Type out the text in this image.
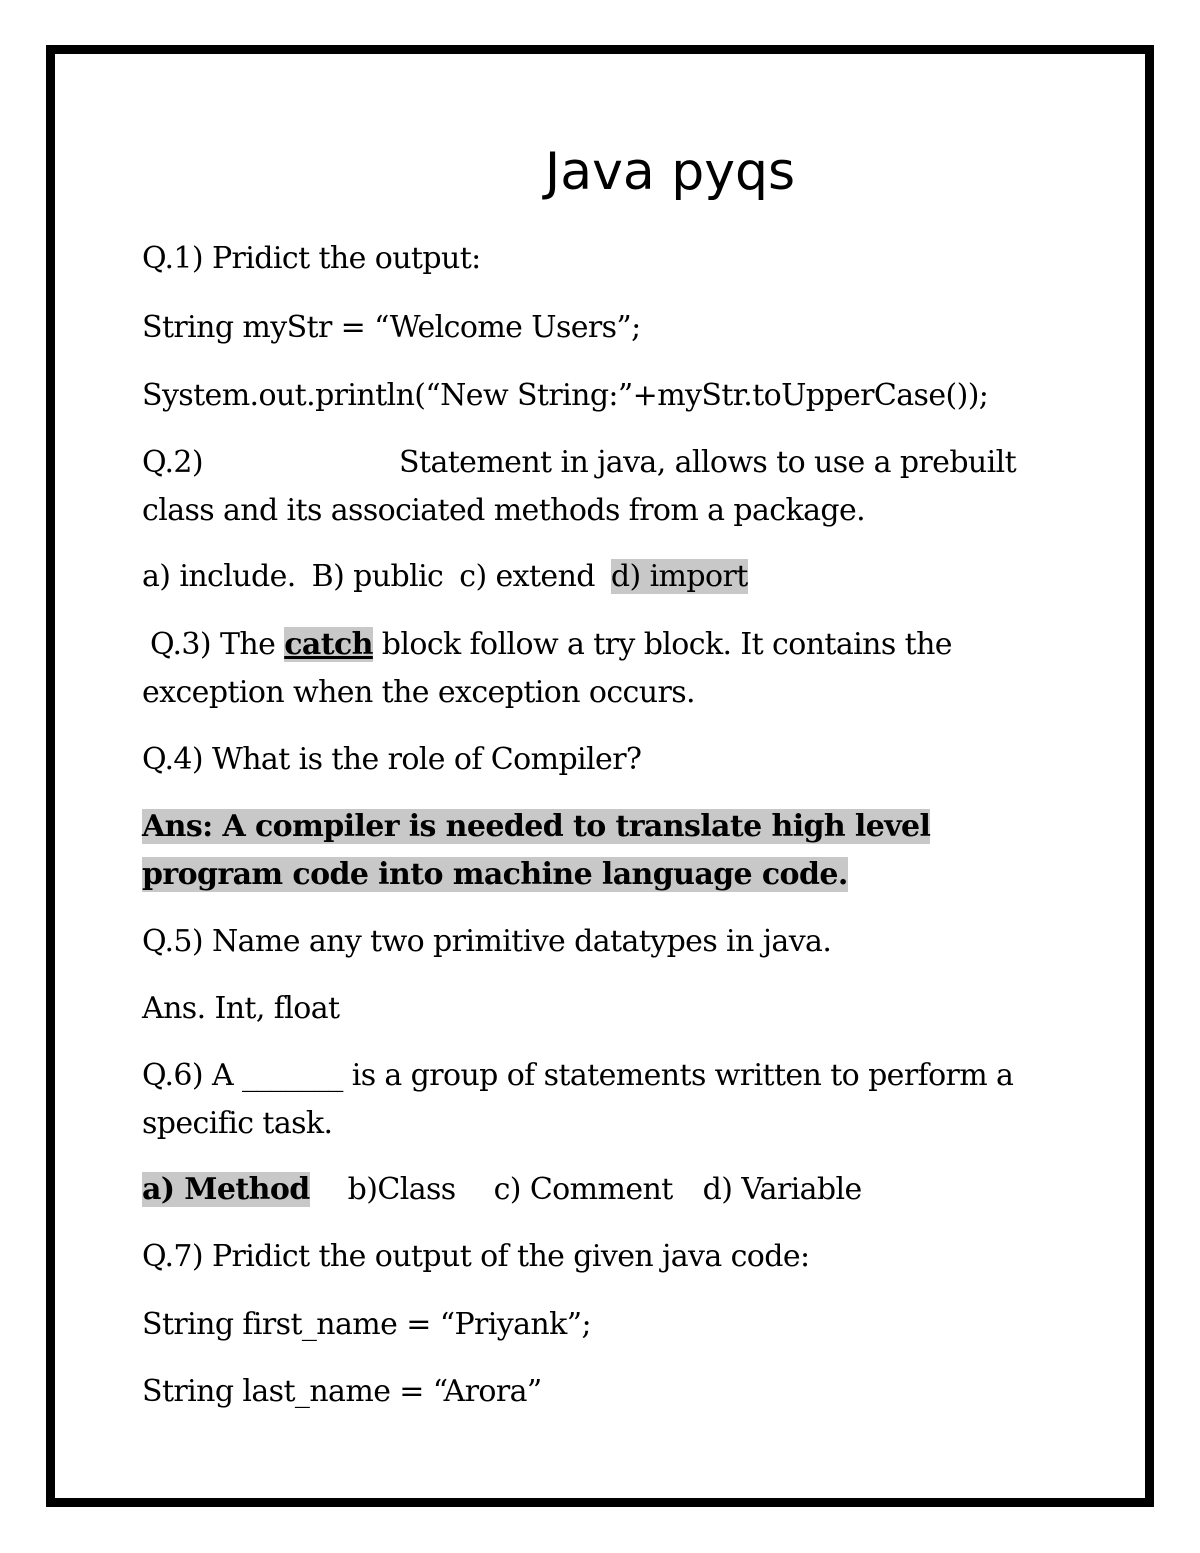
Java pyqs

Q.1) Pridict the output:

String myStr = “Welcome Users”;

System.out.println(“New String:”+myStr.toUpperCase());

Q.2)	Statement in java, allows to use a prebuilt

class and its associated methods from a package.

a) include. B) public c) extend d) import

Q.3) The catch block follow a try block. It contains the

exception when the exception occurs.

Q.4) What is the role of Compiler?

Ans: A compiler is needed to translate high level

program code into machine language code.

Q.5) Name any two primitive datatypes in java.

Ans. Int, float

Q.6) A _______ is a group of statements written to perform a

specific task.

a) Method b)Class c) Comment d) Variable

Q.7) Pridict the output of the given java code:

String first_name = “Priyank”;

String last_name = “Arora”
